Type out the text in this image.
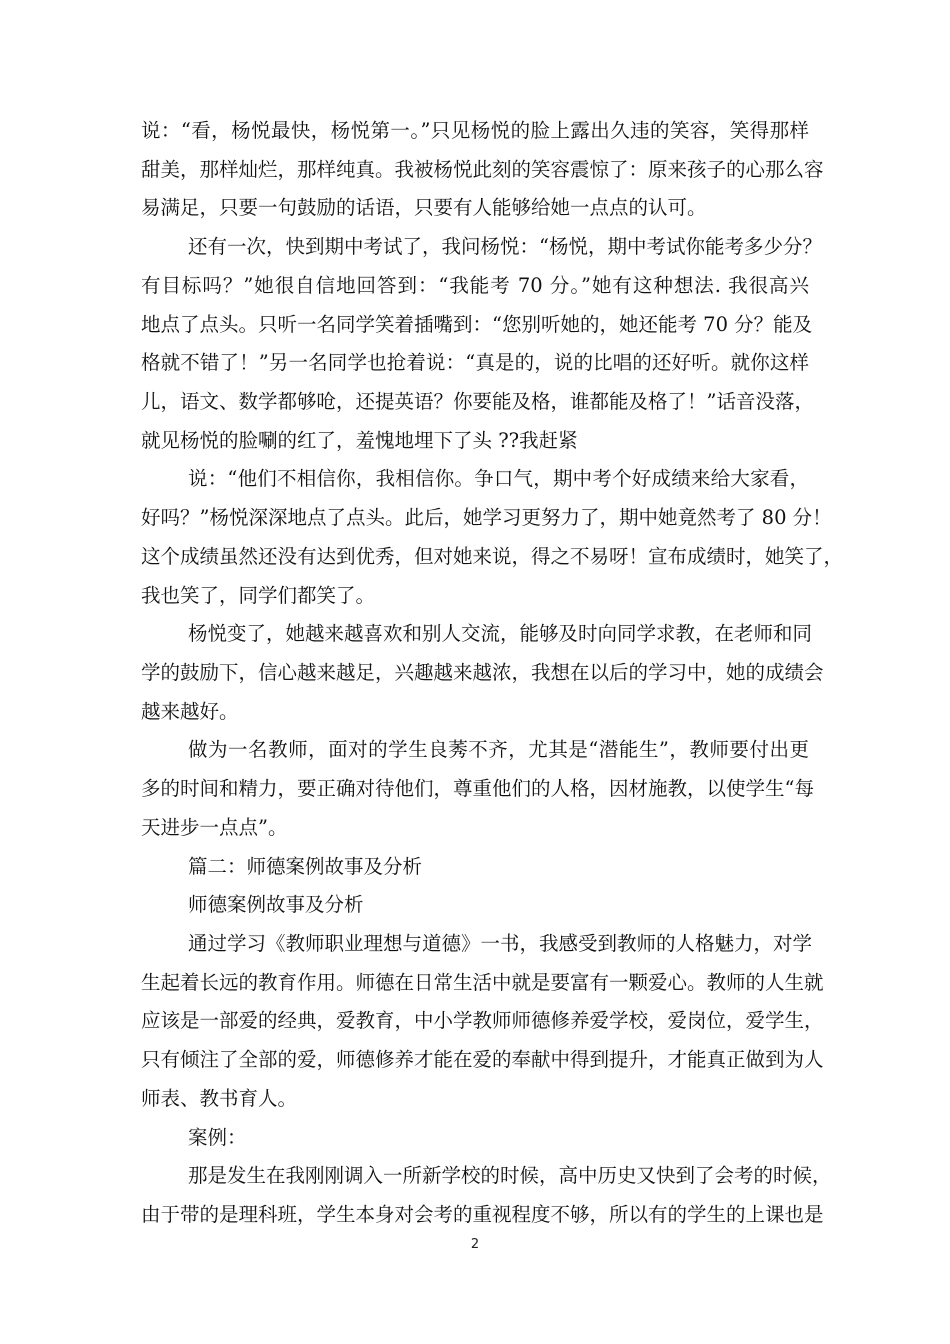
说：“看，杨悦最快，杨悦第一。”只见杨悦的脸上露出久违的笑容，笑得那样
甜美，那样灿烂，那样纯真。我被杨悦此刻的笑容震惊了：原来孩子的心那么容
易满足，只要一句鼓励的话语，只要有人能够给她一点点的认可。
还有一次，快到期中考试了，我问杨悦：“杨悦，期中考试你能考多少分？
有目标吗？”她很自信地回答到：“我能考 70 分。”她有这种想法. 我很高兴
地点了点头。只听一名同学笑着插嘴到：“您别听她的，她还能考 70 分？能及
格就不错了！”另一名同学也抢着说：“真是的，说的比唱的还好听。就你这样
儿，语文、数学都够呛，还提英语？你要能及格，谁都能及格了！”话音没落，
就见杨悦的脸唰的红了，羞愧地埋下了头 ??我赶紧
说：“他们不相信你，我相信你。争口气，期中考个好成绩来给大家看，
好吗？”杨悦深深地点了点头。此后，她学习更努力了，期中她竟然考了 80 分！
这个成绩虽然还没有达到优秀，但对她来说，得之不易呀！宣布成绩时，她笑了，
我也笑了，同学们都笑了。
杨悦变了，她越来越喜欢和别人交流，能够及时向同学求教，在老师和同
学的鼓励下，信心越来越足，兴趣越来越浓，我想在以后的学习中，她的成绩会
越来越好。
做为一名教师，面对的学生良莠不齐，尤其是“潜能生”，教师要付出更
多的时间和精力，要正确对待他们，尊重他们的人格，因材施教，以使学生“每
天进步一点点”。
篇二：师德案例故事及分析
师德案例故事及分析
通过学习《教师职业理想与道德》一书，我感受到教师的人格魅力，对学
生起着长远的教育作用。师德在日常生活中就是要富有一颗爱心。教师的人生就
应该是一部爱的经典，爱教育，中小学教师师德修养爱学校，爱岗位，爱学生，
只有倾注了全部的爱，师德修养才能在爱的奉献中得到提升，才能真正做到为人
师表、教书育人。
案例：
那是发生在我刚刚调入一所新学校的时候，高中历史又快到了会考的时候，
由于带的是理科班，学生本身对会考的重视程度不够，所以有的学生的上课也是
2
